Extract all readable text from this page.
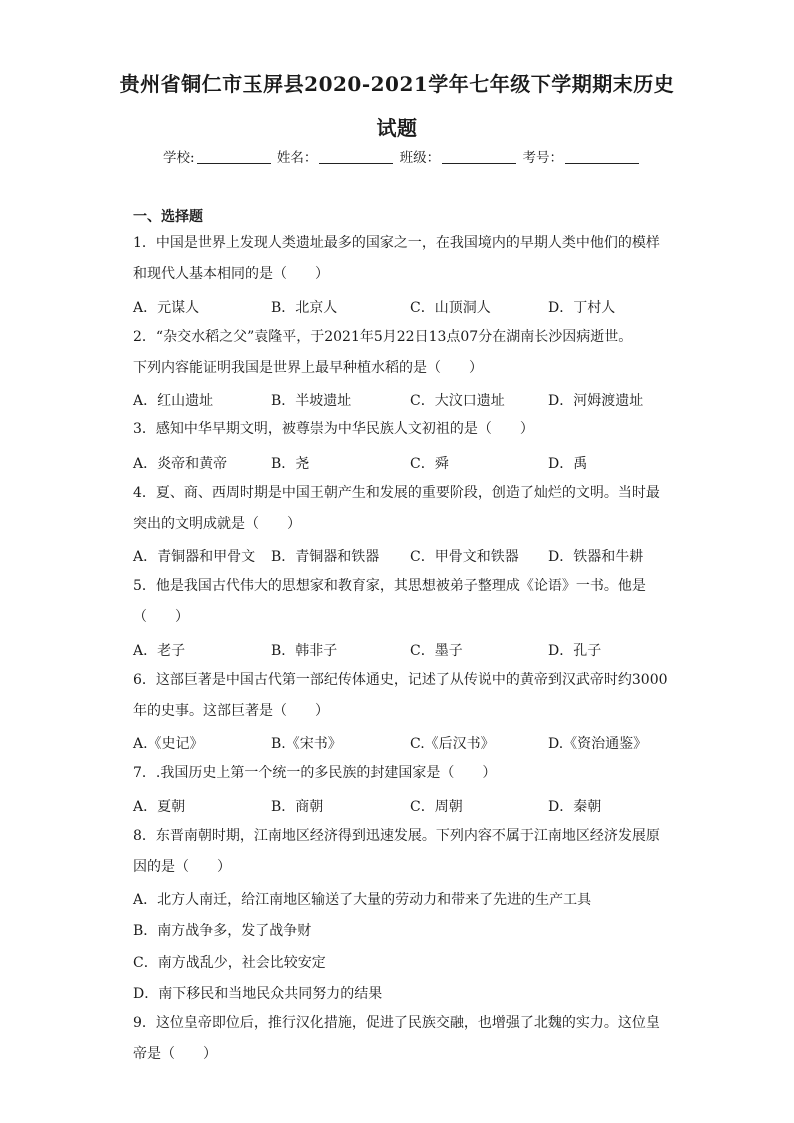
贵州省铜仁市玉屏县2020-2021学年七年级下学期期末历史
试题
学校:	姓名：	班级：	考号：
一、选择题
1．中国是世界上发现人类遗址最多的国家之一，在我国境内的早期人类中他们的模样
和现代人基本相同的是（　　）
A．元谋人	B．北京人	C．山顶洞人	D．丁村人
2．“杂交水稻之父”袁隆平，于2021年5月22日13点07分在湖南长沙因病逝世。
下列内容能证明我国是世界上最早种植水稻的是（　　）
A．红山遗址	B．半坡遗址	C．大汶口遗址	D．河姆渡遗址
3．感知中华早期文明，被尊崇为中华民族人文初祖的是（　　）
A．炎帝和黄帝	B．尧	C．舜	D．禹
4．夏、商、西周时期是中国王朝产生和发展的重要阶段，创造了灿烂的文明。当时最
突出的文明成就是（　　）
A．青铜器和甲骨文 B．青铜器和铁器 C．甲骨文和铁器 D．铁器和牛耕
5．他是我国古代伟大的思想家和教育家，其思想被弟子整理成《论语》一书。他是
（　　）
A．老子	B．韩非子	C．墨子	D．孔子
6．这部巨著是中国古代第一部纪传体通史，记述了从传说中的黄帝到汉武帝时约3000
年的史事。这部巨著是（　　）
A.《史记》	B.《宋书》	C.《后汉书》	D.《资治通鉴》
7．.我国历史上第一个统一的多民族的封建国家是（　　）
A．夏朝	B．商朝	C．周朝	D．秦朝
8．东晋南朝时期，江南地区经济得到迅速发展。下列内容不属于江南地区经济发展原
因的是（　　）
A．北方人南迁，给江南地区输送了大量的劳动力和带来了先进的生产工具
B．南方战争多，发了战争财
C．南方战乱少，社会比较安定
D．南下移民和当地民众共同努力的结果
9．这位皇帝即位后，推行汉化措施，促进了民族交融，也增强了北魏的实力。这位皇
帝是（　　）
